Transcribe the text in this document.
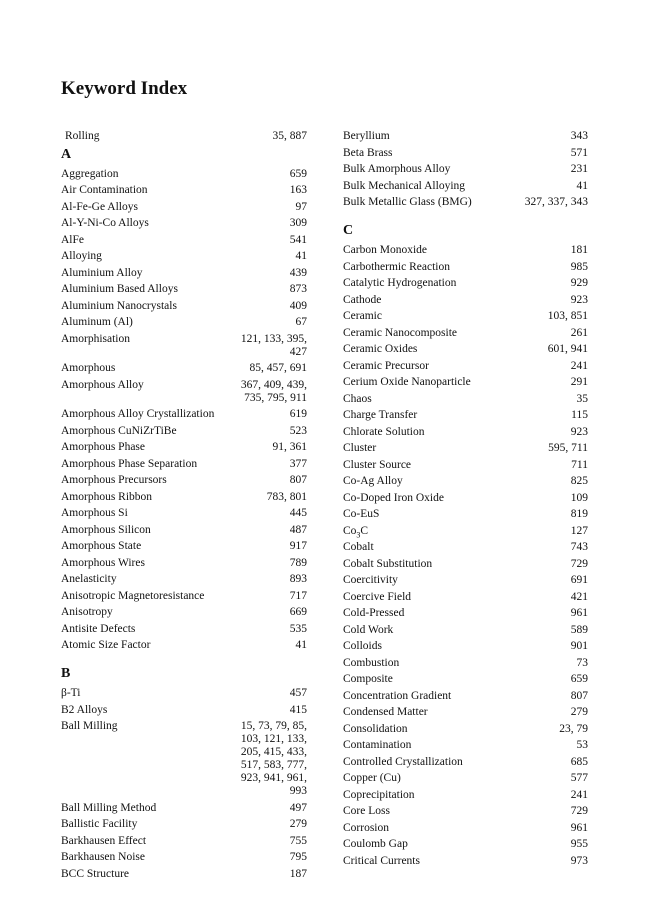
Keyword Index
Rolling	35, 887
A
Aggregation	659
Air Contamination	163
Al-Fe-Ge Alloys	97
Al-Y-Ni-Co Alloys	309
AlFe	541
Alloying	41
Aluminium Alloy	439
Aluminium Based Alloys	873
Aluminium Nanocrystals	409
Aluminum (Al)	67
Amorphisation	121, 133, 395,
427
Amorphous	85, 457, 691
Amorphous Alloy	367, 409, 439,
735, 795, 911
Amorphous Alloy Crystallization	619
Amorphous CuNiZrTiBe	523
Amorphous Phase	91, 361
Amorphous Phase Separation	377
Amorphous Precursors	807
Amorphous Ribbon	783, 801
Amorphous Si	445
Amorphous Silicon	487
Amorphous State	917
Amorphous Wires	789
Anelasticity	893
Anisotropic Magnetoresistance	717
Anisotropy	669
Antisite Defects	535
Atomic Size Factor	41
B
β-Ti	457
B2 Alloys	415
Ball Milling	15, 73, 79, 85,
103, 121, 133,
205, 415, 433,
517, 583, 777,
923, 941, 961,
993
Ball Milling Method	497
Ballistic Facility	279
Barkhausen Effect	755
Barkhausen Noise	795
BCC Structure	187
Beryllium	343
Beta Brass	571
Bulk Amorphous Alloy	231
Bulk Mechanical Alloying	41
Bulk Metallic Glass (BMG)	327, 337, 343
C
Carbon Monoxide	181
Carbothermic Reaction	985
Catalytic Hydrogenation	929
Cathode	923
Ceramic	103, 851
Ceramic Nanocomposite	261
Ceramic Oxides	601, 941
Ceramic Precursor	241
Cerium Oxide Nanoparticle	291
Chaos	35
Charge Transfer	115
Chlorate Solution	923
Cluster	595, 711
Cluster Source	711
Co-Ag Alloy	825
Co-Doped Iron Oxide	109
Co-EuS	819
$Co_3C$	127
Cobalt	743
Cobalt Substitution	729
Coercitivity	691
Coercive Field	421
Cold-Pressed	961
Cold Work	589
Colloids	901
Combustion	73
Composite	659
Concentration Gradient	807
Condensed Matter	279
Consolidation	23, 79
Contamination	53
Controlled Crystallization	685
Copper (Cu)	577
Coprecipitation	241
Core Loss	729
Corrosion	961
Coulomb Gap	955
Critical Currents	973
